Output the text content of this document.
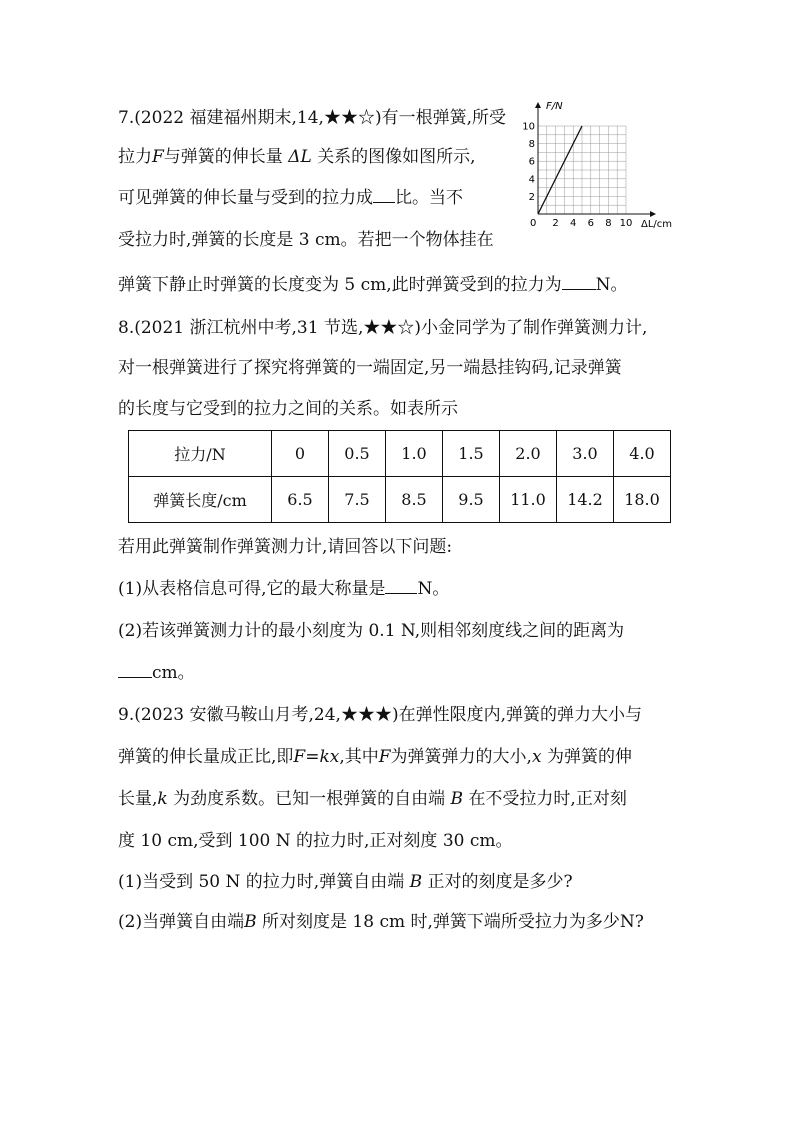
7.(2022 福建福州期末,14,★★☆)有一根弹簧,所受
拉力F与弹簧的伸长量 ΔL 关系的图像如图所示,
可见弹簧的伸长量与受到的拉力成 比。当不
受拉力时,弹簧的长度是 3 cm。若把一个物体挂在
弹簧下静止时弹簧的长度变为 5 cm,此时弹簧受到的拉力为 N。
2
4
6
8
10
2 4 6 8 10
F/N
ΔL/cm
0
8.(2021 浙江杭州中考,31 节选,★★☆)小金同学为了制作弹簧测力计,
对一根弹簧进行了探究将弹簧的一端固定,另一端悬挂钩码,记录弹簧
的长度与它受到的拉力之间的关系。如表所示
拉力/N	0	0.5	1.0	1.5	2.0	3.0	4.0
弹簧长度/cm	6.5	7.5	8.5	9.5	11.0	14.2	18.0
若用此弹簧制作弹簧测力计,请回答以下问题:
(1)从表格信息可得,它的最大称量是 N。
(2)若该弹簧测力计的最小刻度为 0.1 N,则相邻刻度线之间的距离为
cm。
9.(2023 安徽马鞍山月考,24,★★★)在弹性限度内,弹簧的弹力大小与
弹簧的伸长量成正比,即F=kx,其中F为弹簧弹力的大小,x 为弹簧的伸
长量,k 为劲度系数。已知一根弹簧的自由端 B 在不受拉力时,正对刻
度 10 cm,受到 100 N 的拉力时,正对刻度 30 cm。
(1)当受到 50 N 的拉力时,弹簧自由端 B 正对的刻度是多少?
(2)当弹簧自由端B 所对刻度是 18 cm 时,弹簧下端所受拉力为多少N?
